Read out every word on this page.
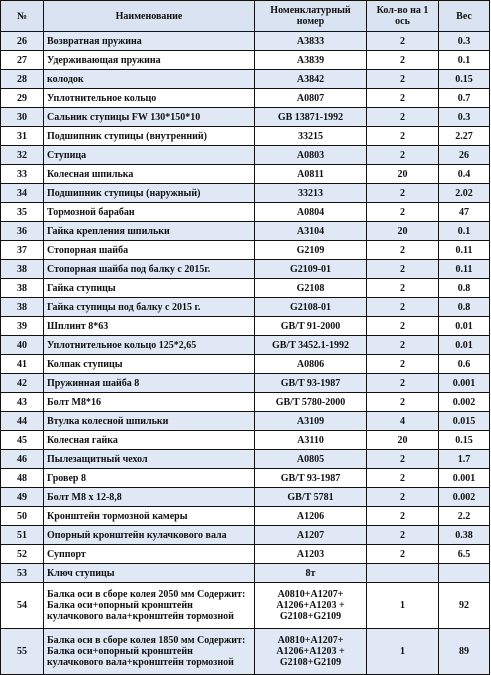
№	Наименование	Номенклатурный номер	Кол-во на 1 ось	Вес
26	Возвратная пружина	A3833	2	0.3
27	Удерживающая пружина	A3839	2	0.1
28	колодок	A3842	2	0.15
29	Уплотнительное кольцо	A0807	2	0.7
30	Сальник ступицы FW 130*150*10	GB 13871-1992	2	0.3
31	Подшипник ступицы (внутренний)	33215	2	2.27
32	Ступица	A0803	2	26
33	Колесная шпилька	A0811	20	0.4
34	Подшипник ступицы (наружный)	33213	2	2.02
35	Тормозной барабан	A0804	2	47
36	Гайка крепления шпильки	A3104	20	0.1
37	Стопорная шайба	G2109	2	0.11
38	Стопорная шайба под балку с 2015г.	G2109-01	2	0.11
38	Гайка ступицы	G2108	2	0.8
38	Гайка ступицы под балку с 2015 г.	G2108-01	2	0.8
39	Шплинт 8*63	GB/T 91-2000	2	0.01
40	Уплотнительное кольцо 125*2,65	GB/T 3452.1-1992	2	0.01
41	Колпак ступицы	A0806	2	0.6
42	Пружинная шайба 8	GB/T 93-1987	2	0.001
43	Болт M8*16	GB/T 5780-2000	2	0.002
44	Втулка колесной шпильки	A3109	4	0.015
45	Колесная гайка	A3110	20	0.15
46	Пылезащитный чехол	A0805	2	1.7
48	Гровер 8	GB/T 93-1987	2	0.001
49	Болт M8 x 12-8,8	GB/T 5781	2	0.002
50	Кронштейн тормозной камеры	A1206	2	2.2
51	Опорный кронштейн кулачкового вала	A1207	2	0.38
52	Суппорт	A1203	2	6.5
53	Ключ ступицы	8т		
54	Балка оси в сборе колея 2050 мм Содержит: Балка оси+опорный кронштейн кулачкового вала+кронштейн тормозной	A0810+A1207+ A1206+A1203 + G2108+G2109	1	92
55	Балка оси в сборе колея 1850 мм Содержит: Балка оси+опорный кронштейн кулачкового вала+кронштейн тормозной	A0810+A1207+ A1206+A1203 + G2108+G2109	1	89
